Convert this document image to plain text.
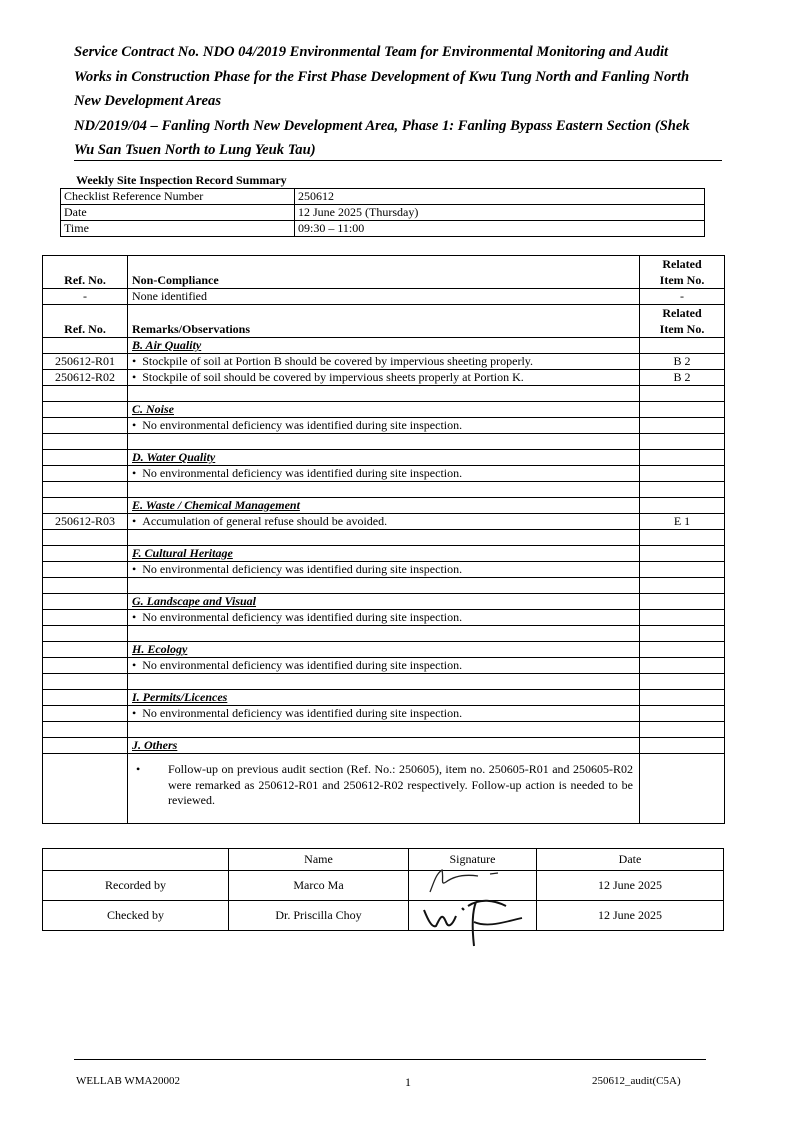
Service Contract No. NDO 04/2019 Environmental Team for Environmental Monitoring and Audit Works in Construction Phase for the First Phase Development of Kwu Tung North and Fanling North New Development Areas
ND/2019/04 – Fanling North New Development Area, Phase 1: Fanling Bypass Eastern Section (Shek Wu San Tsuen North to Lung Yeuk Tau)
Weekly Site Inspection Record Summary
Checklist Reference Number	250612
Date	12 June 2025 (Thursday)
Time	09:30 – 11:00
Ref. No.	Non-Compliance	Related
Item No.
-	None identified	-
Ref. No.	Remarks/Observations	Related
Item No.
	B. Air Quality	
250612-R01	• Stockpile of soil at Portion B should be covered by impervious sheeting properly.	B 2
250612-R02	• Stockpile of soil should be covered by impervious sheets properly at Portion K.	B 2

	C. Noise	
	• No environmental deficiency was identified during site inspection.	

	D. Water Quality	
	• No environmental deficiency was identified during site inspection.	

	E. Waste / Chemical Management	
250612-R03	• Accumulation of general refuse should be avoided.	E 1

	F. Cultural Heritage	
	• No environmental deficiency was identified during site inspection.	

	G. Landscape and Visual	
	• No environmental deficiency was identified during site inspection.	

	H. Ecology	
	• No environmental deficiency was identified during site inspection.	

	I. Permits/Licences	
	• No environmental deficiency was identified during site inspection.	

	J. Others	

	• Follow-up on previous audit section (Ref. No.: 250605), item no. 250605-R01 and 250605-R02 were remarked as 250612-R01 and 250612-R02 respectively. Follow-up action is needed to be reviewed.	

	Name	Signature	Date
Recorded by	Marco Ma		12 June 2025
Checked by	Dr. Priscilla Choy		12 June 2025
WELLAB WMA20002	1	250612_audit(C5A)
